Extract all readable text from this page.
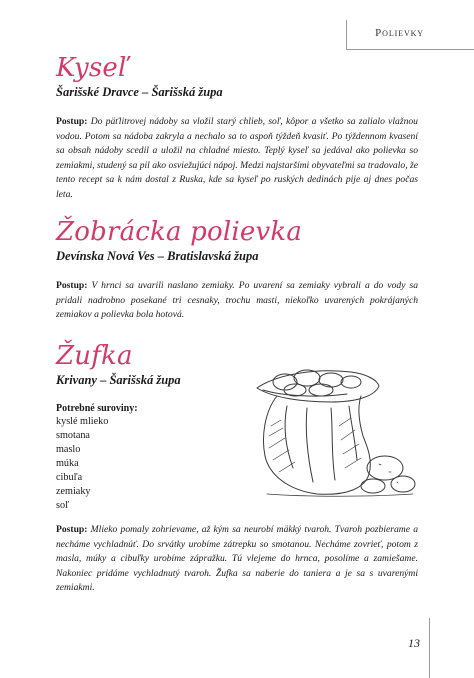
Polievky
Kyseľ
Šarišské Dravce – Šarišská župa

Postup: Do päťlitrovej nádoby sa vložil starý chlieb, soľ, kôpor a všetko sa zalialo vlažnou vodou. Potom sa nádoba zakryla a nechalo sa to aspoň týždeň kvasiť. Po týždennom kvasení sa obsah nádoby scedil a uložil na chladné miesto. Teplý kyseľ sa jedával ako polievka so zemiakmi, studený sa pil ako osviežujúci nápoj. Medzi najstaršími obyvateľmi sa tradovalo, že tento recept sa k nám dostal z Ruska, kde sa kyseľ po ruských dedinách pije aj dnes počas leta.

Žobrácka polievka
Devínska Nová Ves – Bratislavská župa

Postup: V hrnci sa uvarili naslano zemiaky. Po uvarení sa zemiaky vybrali a do vody sa pridali nadrobno posekané tri cesnaky, trochu masti, niekoľko uvarených pokrájaných zemiakov a polievka bola hotová.

Žufka
Krivany – Šarišská župa
Potrebné suroviny:
kyslé mlieko
smotana
maslo
múka
cibuľa
zemiaky
soľ

Postup: Mlieko pomaly zohrievame, až kým sa neurobí mäkký tvaroh. Tvaroh pozbierame a necháme vychladnúť. Do srvátky urobíme zátrepku so smotanou. Necháme zovrieť, potom z masla, múky a cibuľky urobíme zápražku. Tú vlejeme do hrnca, posolíme a zamiešame. Nakoniec pridáme vychladnutý tvaroh. Žufka sa naberie do taniera a je sa s uvarenými zemiakmi.

13
